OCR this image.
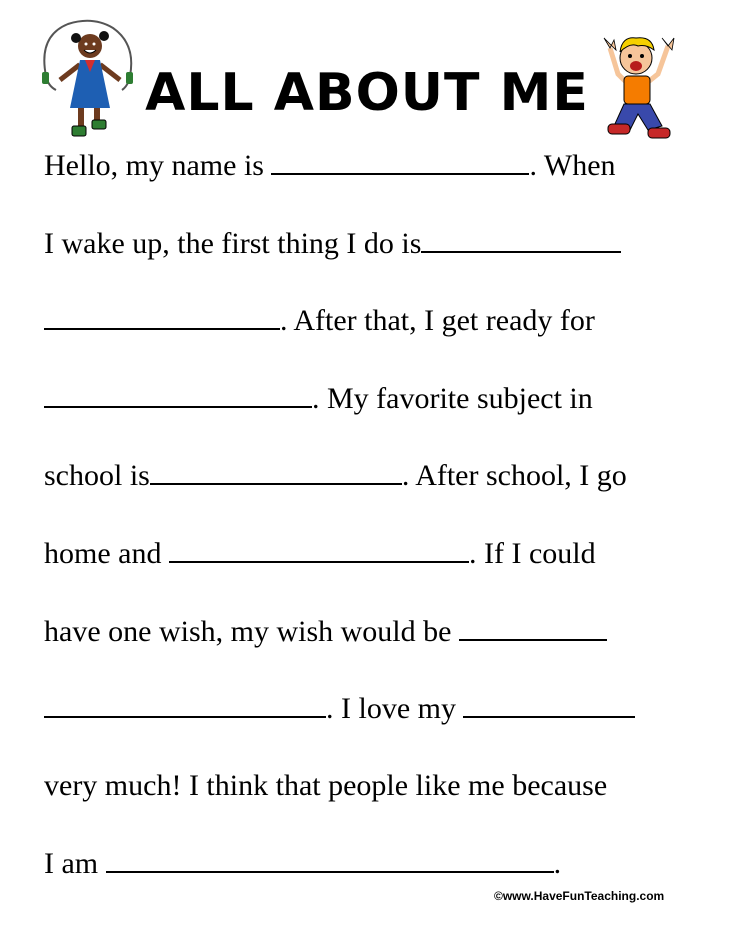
ALL ABOUT ME
Hello, my name is	. When
I wake up, the first thing I do is
. After that, I get ready for
. My favorite subject in
school is	. After school, I go
home and	. If I could
have one wish, my wish would be
. I love my
very much! I think that people like me because
I am	.
©www.HaveFunTeaching.com
